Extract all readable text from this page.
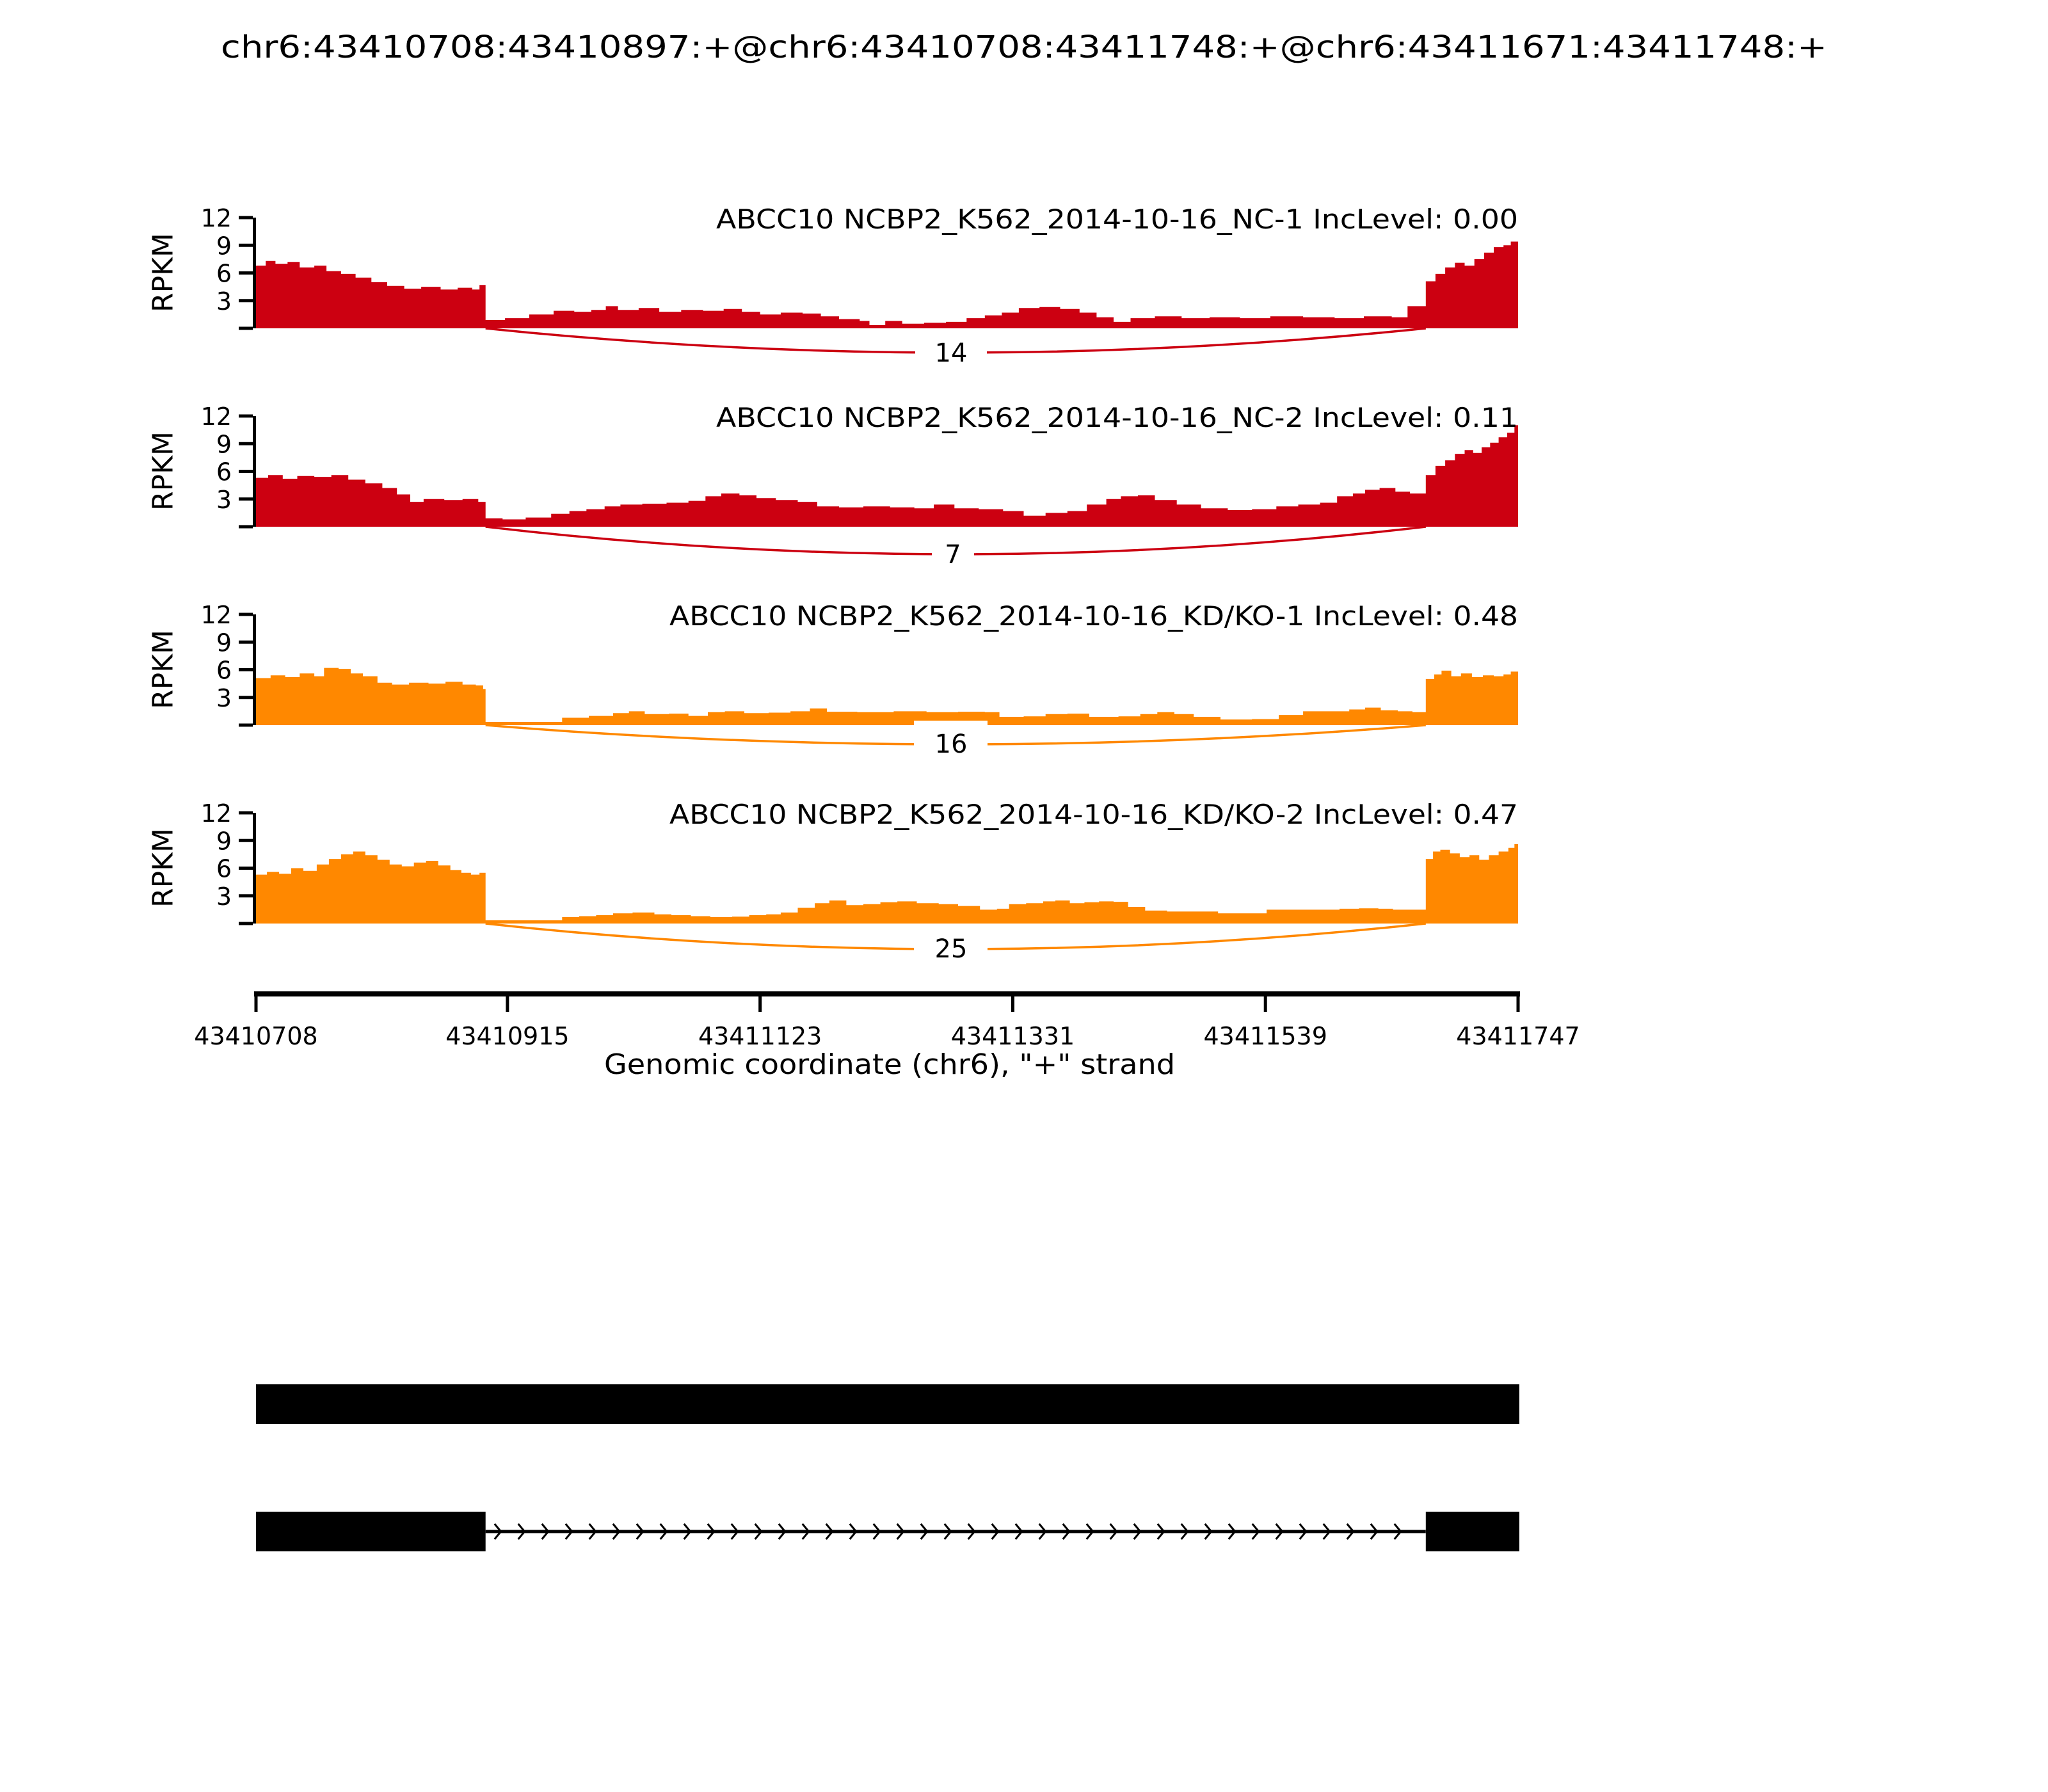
3
6
9
12
3
6
9
12
3
6
9
12
3
6
9
12
43410708	43410915	43411123	43411331	43411539	43411747
14
7
16
25
chr6:43410708:43410897:+@chr6:43410708:43411748:+@chr6:43411671:43411748:+
ABCC10 NCBP2_K562_2014-10-16_NC-1 IncLevel: 0.00
ABCC10 NCBP2_K562_2014-10-16_NC-2 IncLevel: 0.11
ABCC10 NCBP2_K562_2014-10-16_KD/KO-1 IncLevel: 0.48
ABCC10 NCBP2_K562_2014-10-16_KD/KO-2 IncLevel: 0.47
RPKM
RPKM
RPKM
RPKM
Genomic coordinate (chr6), "+" strand
